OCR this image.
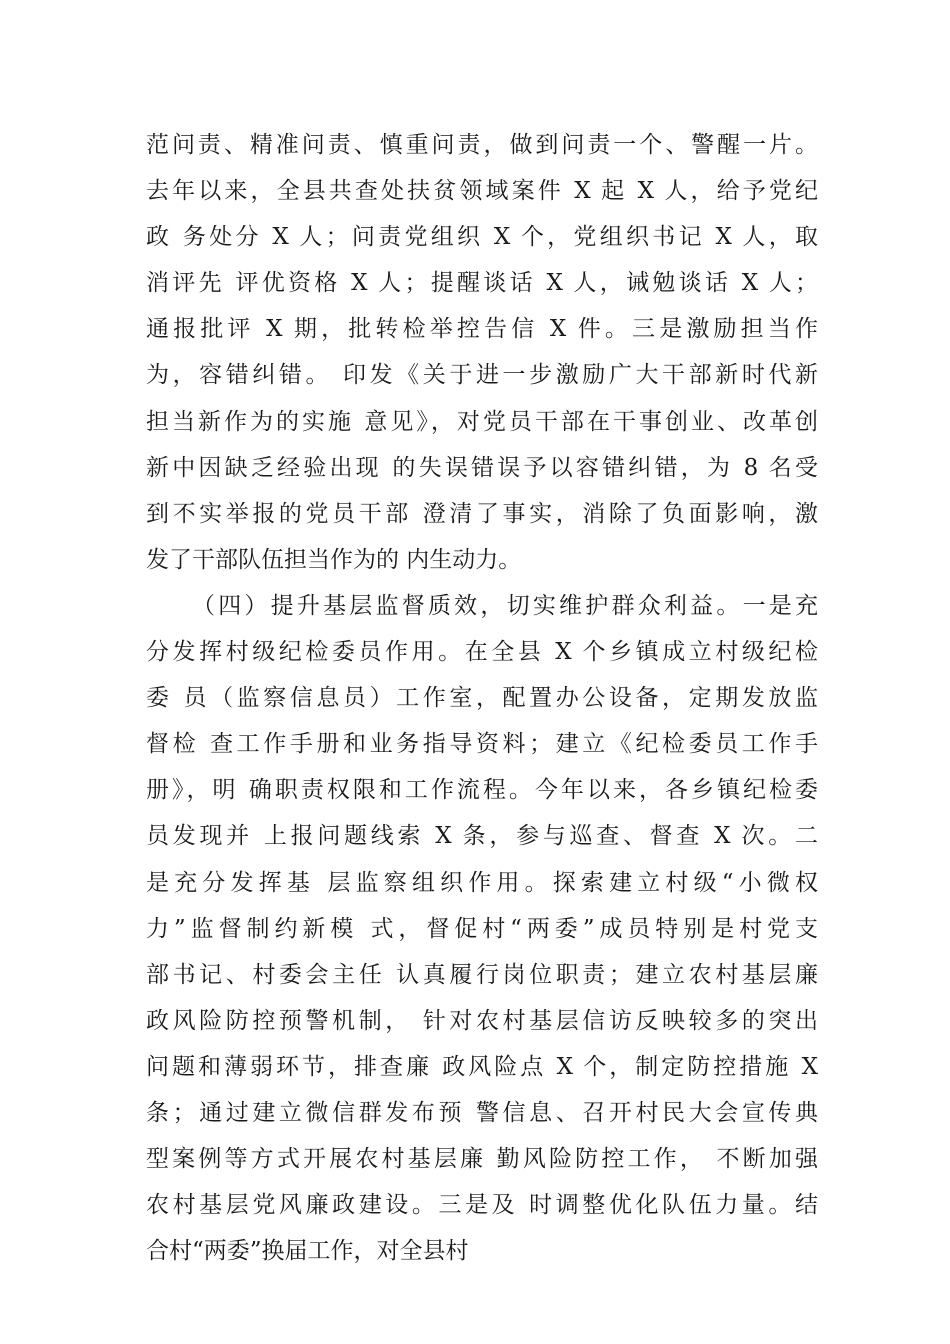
范问责、精准问责、慎重问责，做到问责一个、警醒一片。
去年以来，全县共查处扶贫领域案件 X 起 X 人，给予党纪
政 务处分 X 人；问责党组织 X 个，党组织书记 X 人，取
消评先 评优资格 X 人；提醒谈话 X 人，诫勉谈话 X 人；
通报批评 X 期，批转检举控告信 X 件。三是激励担当作
为，容错纠错。 印发《关于进一步激励广大干部新时代新
担当新作为的实施 意见》，对党员干部在干事创业、改革创
新中因缺乏经验出现 的失误错误予以容错纠错，为 8 名受
到不实举报的党员干部 澄清了事实，消除了负面影响，激
发了干部队伍担当作为的 内生动力。
（四）提升基层监督质效，切实维护群众利益。一是充
分发挥村级纪检委员作用。在全县 X 个乡镇成立村级纪检
委 员（监察信息员）工作室，配置办公设备，定期发放监
督检 查工作手册和业务指导资料；建立《纪检委员工作手
册》，明 确职责权限和工作流程。今年以来，各乡镇纪检委
员发现并 上报问题线索 X 条，参与巡查、督查 X 次。二
是充分发挥基 层监察组织作用。探索建立村级“小微权
力”监督制约新模 式，督促村“两委”成员特别是村党支
部书记、村委会主任 认真履行岗位职责；建立农村基层廉
政风险防控预警机制， 针对农村基层信访反映较多的突出
问题和薄弱环节，排查廉 政风险点 X 个，制定防控措施 X
条；通过建立微信群发布预 警信息、召开村民大会宣传典
型案例等方式开展农村基层廉 勤风险防控工作， 不断加强
农村基层党风廉政建设。三是及 时调整优化队伍力量。结
合村“两委”换届工作，对全县村
